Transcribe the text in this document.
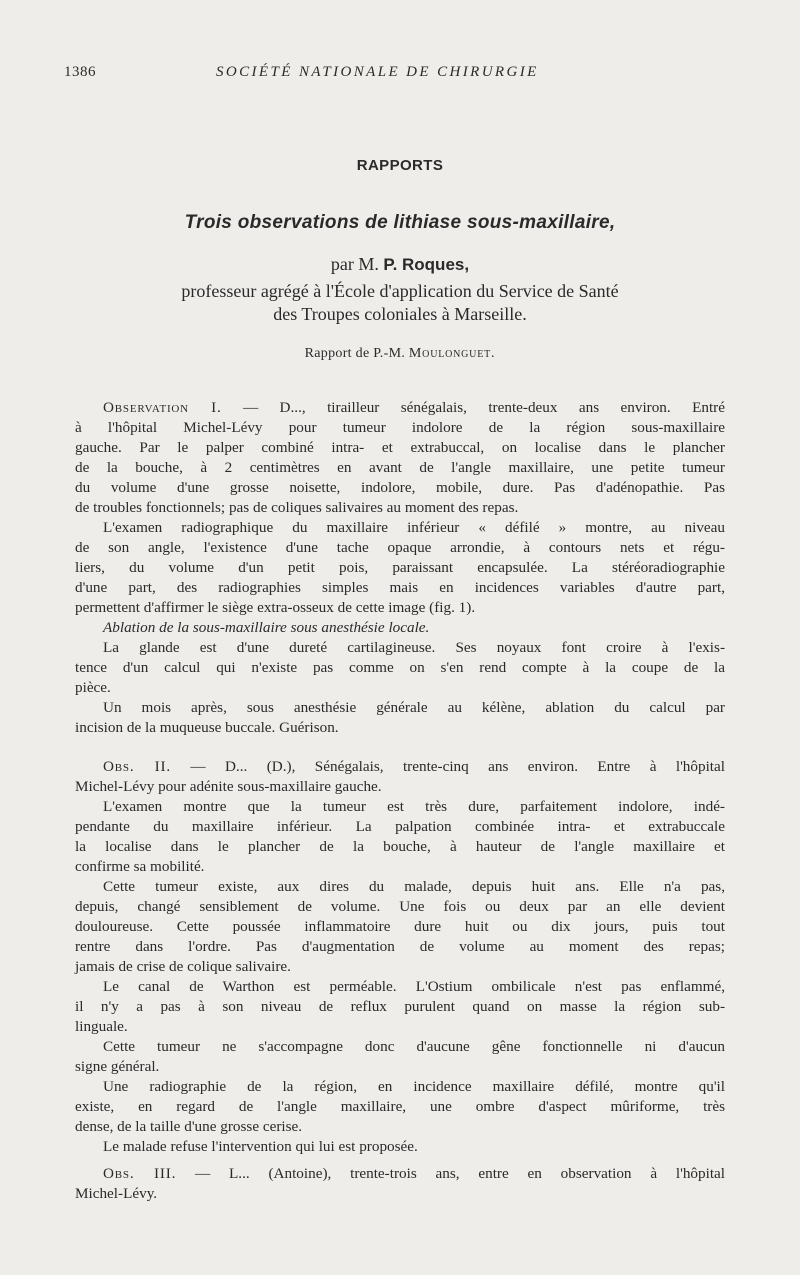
1386	SOCIÉTÉ NATIONALE DE CHIRURGIE
RAPPORTS
Trois observations de lithiase sous-maxillaire,
par M. P. Roques,
professeur agrégé à l'École d'application du Service de Santé
des Troupes coloniales à Marseille.
Rapport de P.-M. Moulonguet.
Observation I. — D..., tirailleur sénégalais, trente-deux ans environ. Entré
à l'hôpital Michel-Lévy pour tumeur indolore de la région sous-maxillaire
gauche. Par le palper combiné intra- et extrabuccal, on localise dans le plancher
de la bouche, à 2 centimètres en avant de l'angle maxillaire, une petite tumeur
du volume d'une grosse noisette, indolore, mobile, dure. Pas d'adénopathie. Pas
de troubles fonctionnels; pas de coliques salivaires au moment des repas.
L'examen radiographique du maxillaire inférieur « défilé » montre, au niveau
de son angle, l'existence d'une tache opaque arrondie, à contours nets et régu-
liers, du volume d'un petit pois, paraissant encapsulée. La stéréoradiographie
d'une part, des radiographies simples mais en incidences variables d'autre part,
permettent d'affirmer le siège extra-osseux de cette image (fig. 1).
Ablation de la sous-maxillaire sous anesthésie locale.
La glande est d'une dureté cartilagineuse. Ses noyaux font croire à l'exis-
tence d'un calcul qui n'existe pas comme on s'en rend compte à la coupe de la
pièce.
Un mois après, sous anesthésie générale au kélène, ablation du calcul par
incision de la muqueuse buccale. Guérison.
Obs. II. — D... (D.), Sénégalais, trente-cinq ans environ. Entre à l'hôpital
Michel-Lévy pour adénite sous-maxillaire gauche.
L'examen montre que la tumeur est très dure, parfaitement indolore, indé-
pendante du maxillaire inférieur. La palpation combinée intra- et extrabuccale
la localise dans le plancher de la bouche, à hauteur de l'angle maxillaire et
confirme sa mobilité.
Cette tumeur existe, aux dires du malade, depuis huit ans. Elle n'a pas,
depuis, changé sensiblement de volume. Une fois ou deux par an elle devient
douloureuse. Cette poussée inflammatoire dure huit ou dix jours, puis tout
rentre dans l'ordre. Pas d'augmentation de volume au moment des repas;
jamais de crise de colique salivaire.
Le canal de Warthon est perméable. L'Ostium ombilicale n'est pas enflammé,
il n'y a pas à son niveau de reflux purulent quand on masse la région sub-
linguale.
Cette tumeur ne s'accompagne donc d'aucune gêne fonctionnelle ni d'aucun
signe général.
Une radiographie de la région, en incidence maxillaire défilé, montre qu'il
existe, en regard de l'angle maxillaire, une ombre d'aspect mûriforme, très
dense, de la taille d'une grosse cerise.
Le malade refuse l'intervention qui lui est proposée.
Obs. III. — L... (Antoine), trente-trois ans, entre en observation à l'hôpital
Michel-Lévy.
